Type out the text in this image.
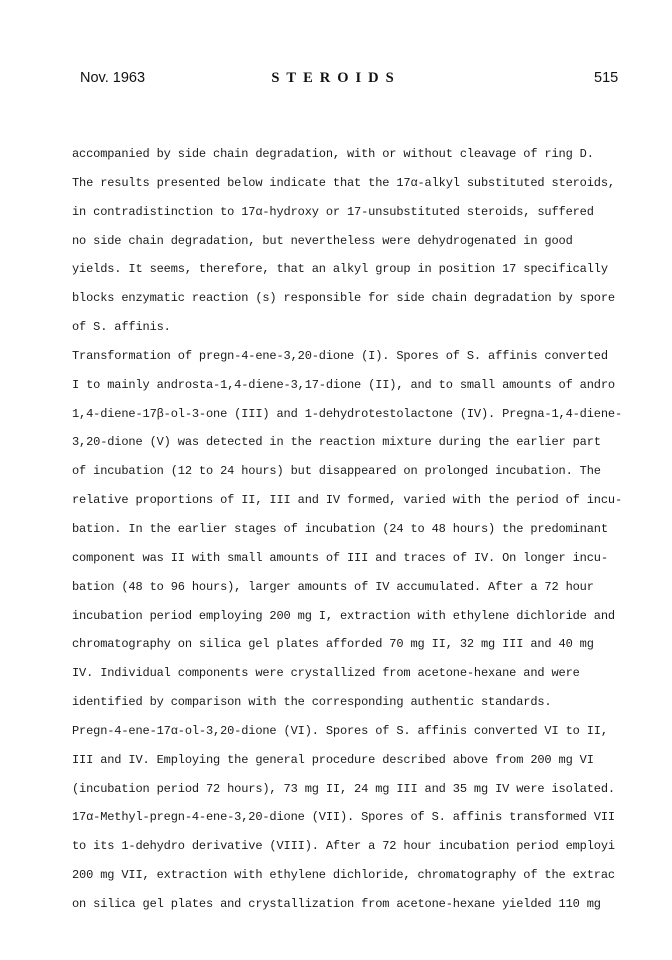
Nov. 1963	STEROIDS	515
accompanied by side chain degradation, with or without cleavage of ring D.
The results presented below indicate that the 17α-alkyl substituted steroids,
in contradistinction to 17α-hydroxy or 17-unsubstituted steroids, suffered
no side chain degradation, but nevertheless were dehydrogenated in good
yields. It seems, therefore, that an alkyl group in position 17 specifically
blocks enzymatic reaction (s) responsible for side chain degradation by spore
of S. affinis.
Transformation of pregn-4-ene-3,20-dione (I). Spores of S. affinis converted
I to mainly androsta-1,4-diene-3,17-dione (II), and to small amounts of andro
1,4-diene-17β-ol-3-one (III) and 1-dehydrotestolactone (IV). Pregna-1,4-diene-
3,20-dione (V) was detected in the reaction mixture during the earlier part
of incubation (12 to 24 hours) but disappeared on prolonged incubation. The
relative proportions of II, III and IV formed, varied with the period of incu-
bation. In the earlier stages of incubation (24 to 48 hours) the predominant
component was II with small amounts of III and traces of IV. On longer incu-
bation (48 to 96 hours), larger amounts of IV accumulated. After a 72 hour
incubation period employing 200 mg I, extraction with ethylene dichloride and
chromatography on silica gel plates afforded 70 mg II, 32 mg III and 40 mg
IV. Individual components were crystallized from acetone-hexane and were
identified by comparison with the corresponding authentic standards.
Pregn-4-ene-17α-ol-3,20-dione (VI). Spores of S. affinis converted VI to II,
III and IV. Employing the general procedure described above from 200 mg VI
(incubation period 72 hours), 73 mg II, 24 mg III and 35 mg IV were isolated.
17α-Methyl-pregn-4-ene-3,20-dione (VII). Spores of S. affinis transformed VII
to its 1-dehydro derivative (VIII). After a 72 hour incubation period employi
200 mg VII, extraction with ethylene dichloride, chromatography of the extrac
on silica gel plates and crystallization from acetone-hexane yielded 110 mg
